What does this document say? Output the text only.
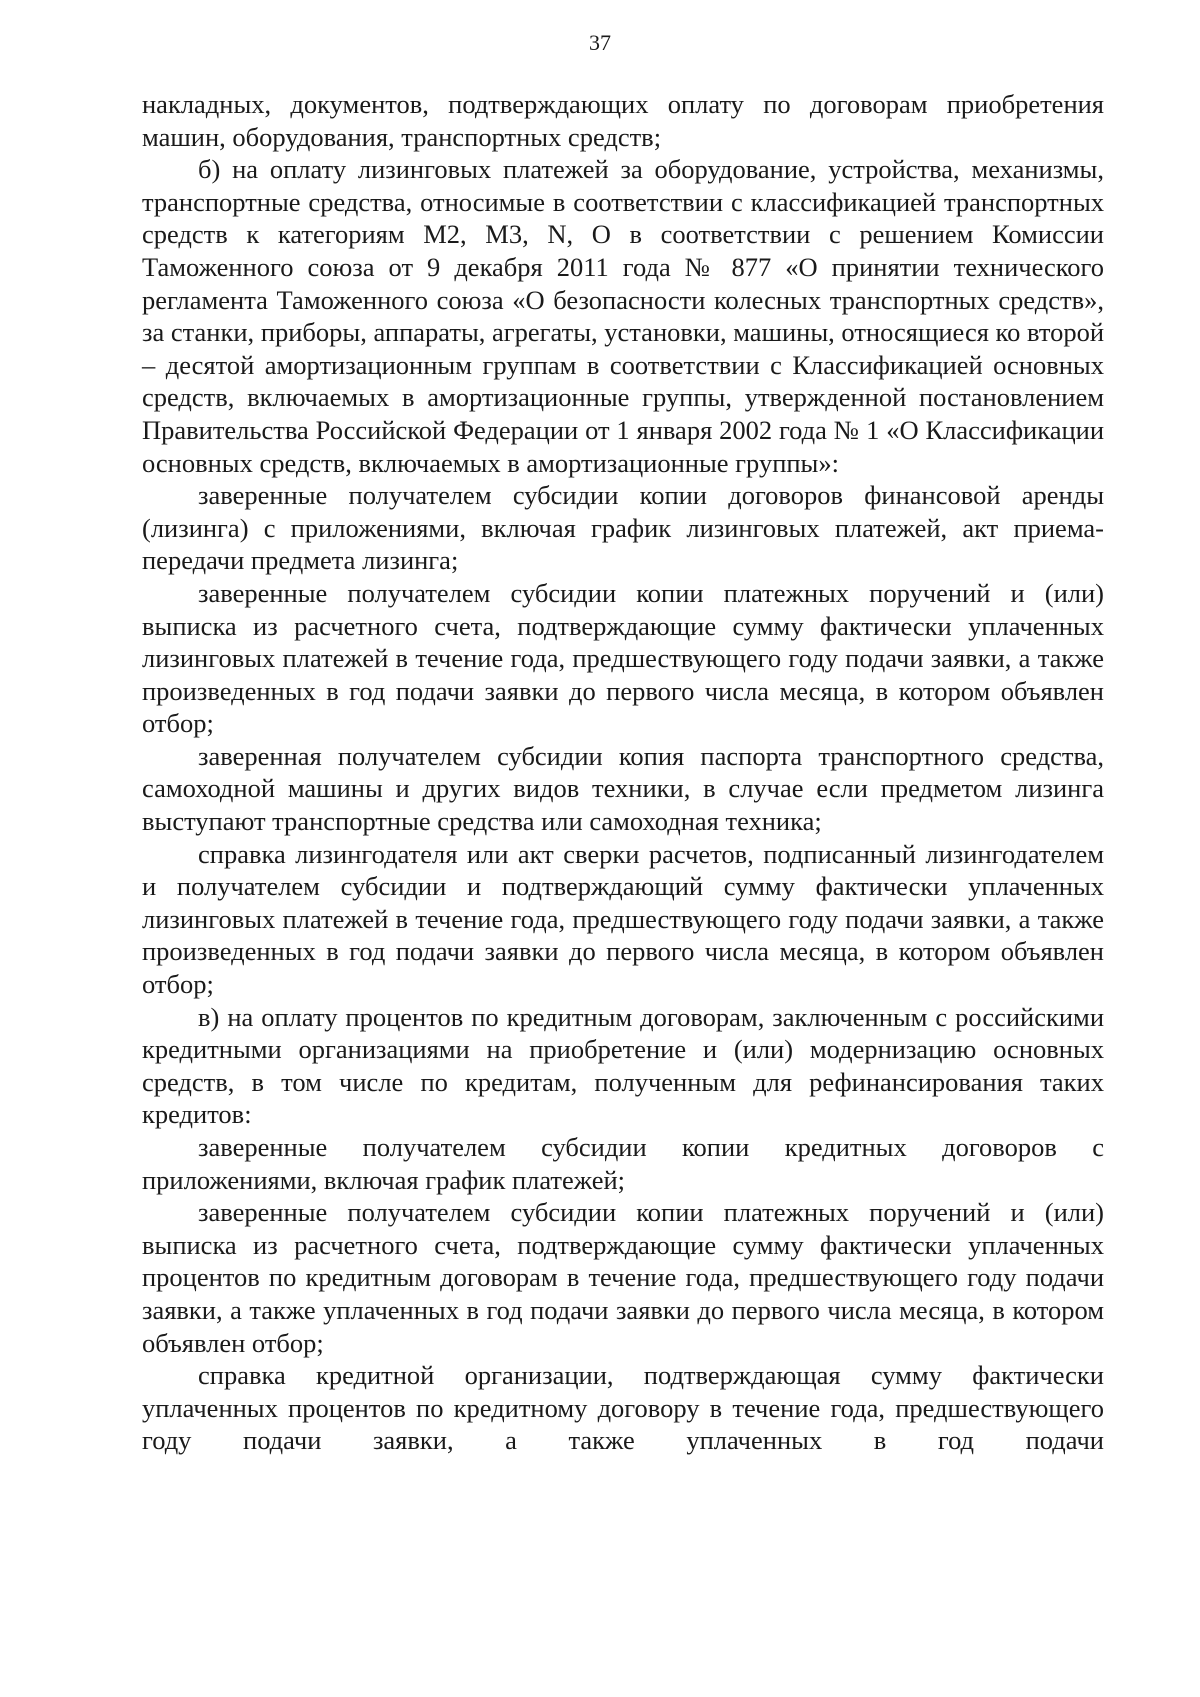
37

накладных, документов, подтверждающих оплату по договорам приобретения машин, оборудования, транспортных средств;

б) на оплату лизинговых платежей за оборудование, устройства, механизмы, транспортные средства, относимые в соответствии с классификацией транспортных средств к категориям М2, М3, N, O в соответствии с решением Комиссии Таможенного союза от 9 декабря 2011 года № 877 «О принятии технического регламента Таможенного союза «О безопасности колесных транспортных средств», за станки, приборы, аппараты, агрегаты, установки, машины, относящиеся ко второй – десятой амортизационным группам в соответствии с Классификацией основных средств, включаемых в амортизационные группы, утвержденной постановлением Правительства Российской Федерации от 1 января 2002 года № 1 «О Классификации основных средств, включаемых в амортизационные группы»:

заверенные получателем субсидии копии договоров финансовой аренды (лизинга) с приложениями, включая график лизинговых платежей, акт приема-передачи предмета лизинга;

заверенные получателем субсидии копии платежных поручений и (или) выписка из расчетного счета, подтверждающие сумму фактически уплаченных лизинговых платежей в течение года, предшествующего году подачи заявки, а также произведенных в год подачи заявки до первого числа месяца, в котором объявлен отбор;

заверенная получателем субсидии копия паспорта транспортного средства, самоходной машины и других видов техники, в случае если предметом лизинга выступают транспортные средства или самоходная техника;

справка лизингодателя или акт сверки расчетов, подписанный лизингодателем и получателем субсидии и подтверждающий сумму фактически уплаченных лизинговых платежей в течение года, предшествующего году подачи заявки, а также произведенных в год подачи заявки до первого числа месяца, в котором объявлен отбор;

в) на оплату процентов по кредитным договорам, заключенным с российскими кредитными организациями на приобретение и (или) модернизацию основных средств, в том числе по кредитам, полученным для рефинансирования таких кредитов:

заверенные получателем субсидии копии кредитных договоров с приложениями, включая график платежей;

заверенные получателем субсидии копии платежных поручений и (или) выписка из расчетного счета, подтверждающие сумму фактически уплаченных процентов по кредитным договорам в течение года, предшествующего году подачи заявки, а также уплаченных в год подачи заявки до первого числа месяца, в котором объявлен отбор;

справка кредитной организации, подтверждающая сумму фактически уплаченных процентов по кредитному договору в течение года, предшествующего году подачи заявки, а также уплаченных в год подачи
